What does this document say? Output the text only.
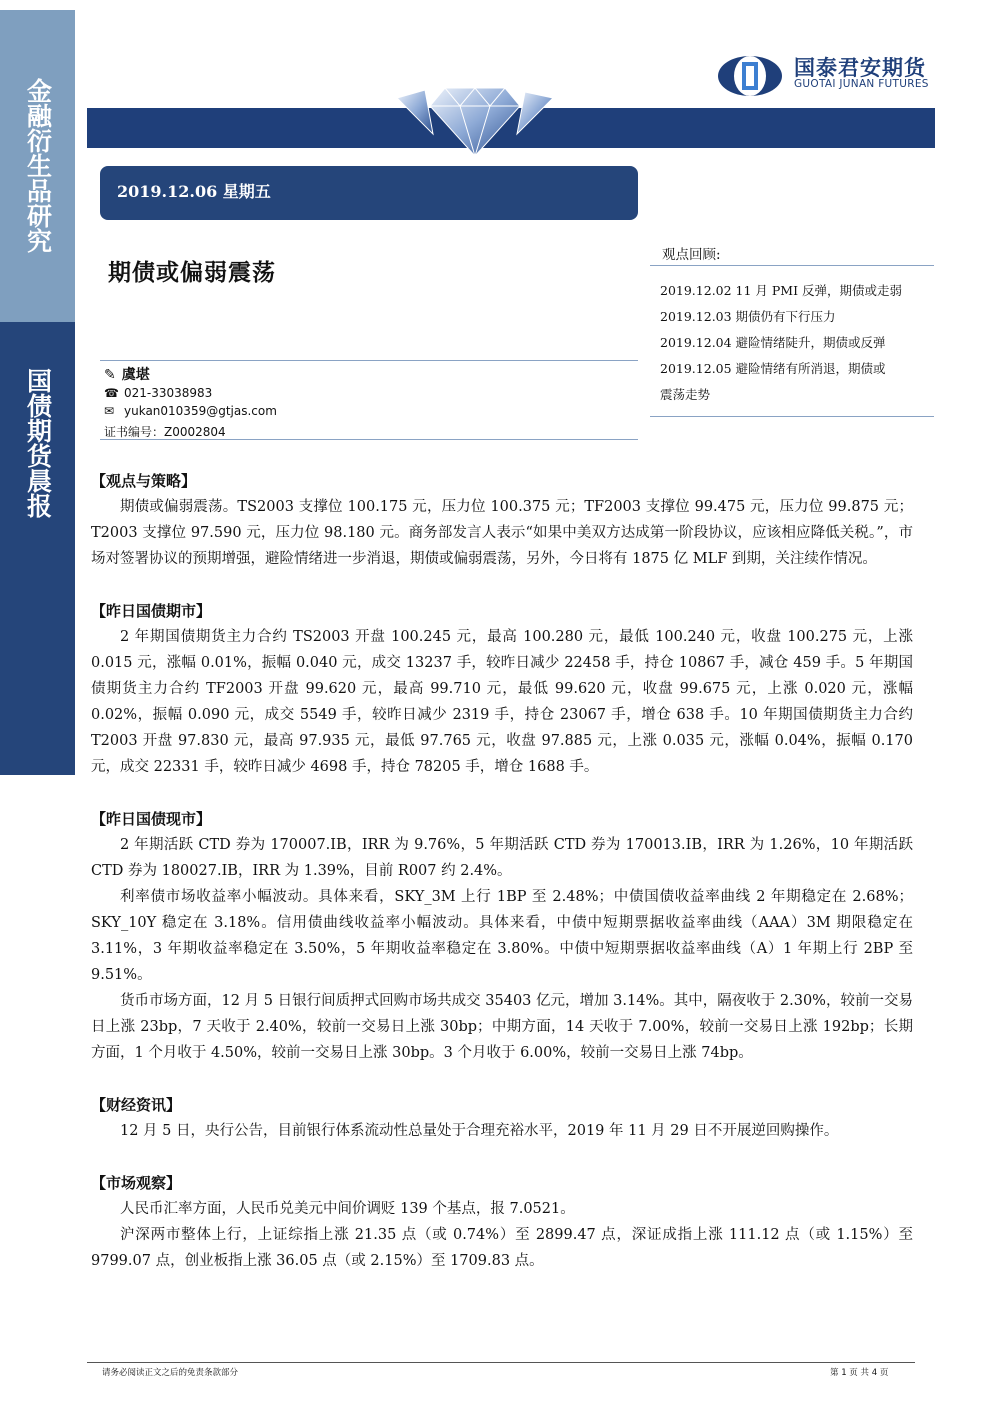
金融衍生品研究
国债期货晨报
国泰君安期货
GUOTAI JUNAN FUTURES
2019.12.06 星期五
期债或偏弱震荡
观点回顾:
2019.12.02 11 月 PMI 反弹，期债或走弱
2019.12.03 期债仍有下行压力
2019.12.04 避险情绪陡升，期债或反弹
2019.12.05 避险情绪有所消退，期债或
震荡走势
✎ 虞堪
☎ 021-33038983
✉ yukan010359@gtjas.com
证书编号：Z0002804

【观点与策略】

期债或偏弱震荡。TS2003 支撑位 100.175 元，压力位 100.375 元；TF2003 支撑位 99.475 元，压力位 99.875 元；T2003 支撑位 97.590 元，压力位 98.180 元。商务部发言人表示“如果中美双方达成第一阶段协议，应该相应降低关税。”，市场对签署协议的预期增强，避险情绪进一步消退，期债或偏弱震荡，另外，今日将有 1875 亿 MLF 到期，关注续作情况。

【昨日国债期市】

2 年期国债期货主力合约 TS2003 开盘 100.245 元，最高 100.280 元，最低 100.240 元，收盘 100.275 元，上涨 0.015 元，涨幅 0.01%，振幅 0.040 元，成交 13237 手，较昨日减少 22458 手，持仓 10867 手，减仓 459 手。5 年期国债期货主力合约 TF2003 开盘 99.620 元，最高 99.710 元，最低 99.620 元，收盘 99.675 元，上涨 0.020 元，涨幅 0.02%，振幅 0.090 元，成交 5549 手，较昨日减少 2319 手，持仓 23067 手，增仓 638 手。10 年期国债期货主力合约 T2003 开盘 97.830 元，最高 97.935 元，最低 97.765 元，收盘 97.885 元，上涨 0.035 元，涨幅 0.04%，振幅 0.170 元，成交 22331 手，较昨日减少 4698 手，持仓 78205 手，增仓 1688 手。

【昨日国债现市】

2 年期活跃 CTD 券为 170007.IB，IRR 为 9.76%，5 年期活跃 CTD 券为 170013.IB，IRR 为 1.26%，10 年期活跃 CTD 券为 180027.IB，IRR 为 1.39%，目前 R007 约 2.4%。

利率债市场收益率小幅波动。具体来看，SKY_3M 上行 1BP 至 2.48%；中债国债收益率曲线 2 年期稳定在 2.68%；SKY_10Y 稳定在 3.18%。信用债曲线收益率小幅波动。具体来看，中债中短期票据收益率曲线（AAA）3M 期限稳定在 3.11%，3 年期收益率稳定在 3.50%，5 年期收益率稳定在 3.80%。中债中短期票据收益率曲线（A）1 年期上行 2BP 至 9.51%。

货币市场方面，12 月 5 日银行间质押式回购市场共成交 35403 亿元，增加 3.14%。其中，隔夜收于 2.30%，较前一交易日上涨 23bp，7 天收于 2.40%，较前一交易日上涨 30bp；中期方面，14 天收于 7.00%，较前一交易日上涨 192bp；长期方面，1 个月收于 4.50%，较前一交易日上涨 30bp。3 个月收于 6.00%，较前一交易日上涨 74bp。

【财经资讯】

12 月 5 日，央行公告，目前银行体系流动性总量处于合理充裕水平，2019 年 11 月 29 日不开展逆回购操作。

【市场观察】

人民币汇率方面，人民币兑美元中间价调贬 139 个基点，报 7.0521。

沪深两市整体上行，上证综指上涨 21.35 点（或 0.74%）至 2899.47 点，深证成指上涨 111.12 点（或 1.15%）至 9799.07 点，创业板指上涨 36.05 点（或 2.15%）至 1709.83 点。

请务必阅读正文之后的免责条款部分	第 1 页 共 4 页
